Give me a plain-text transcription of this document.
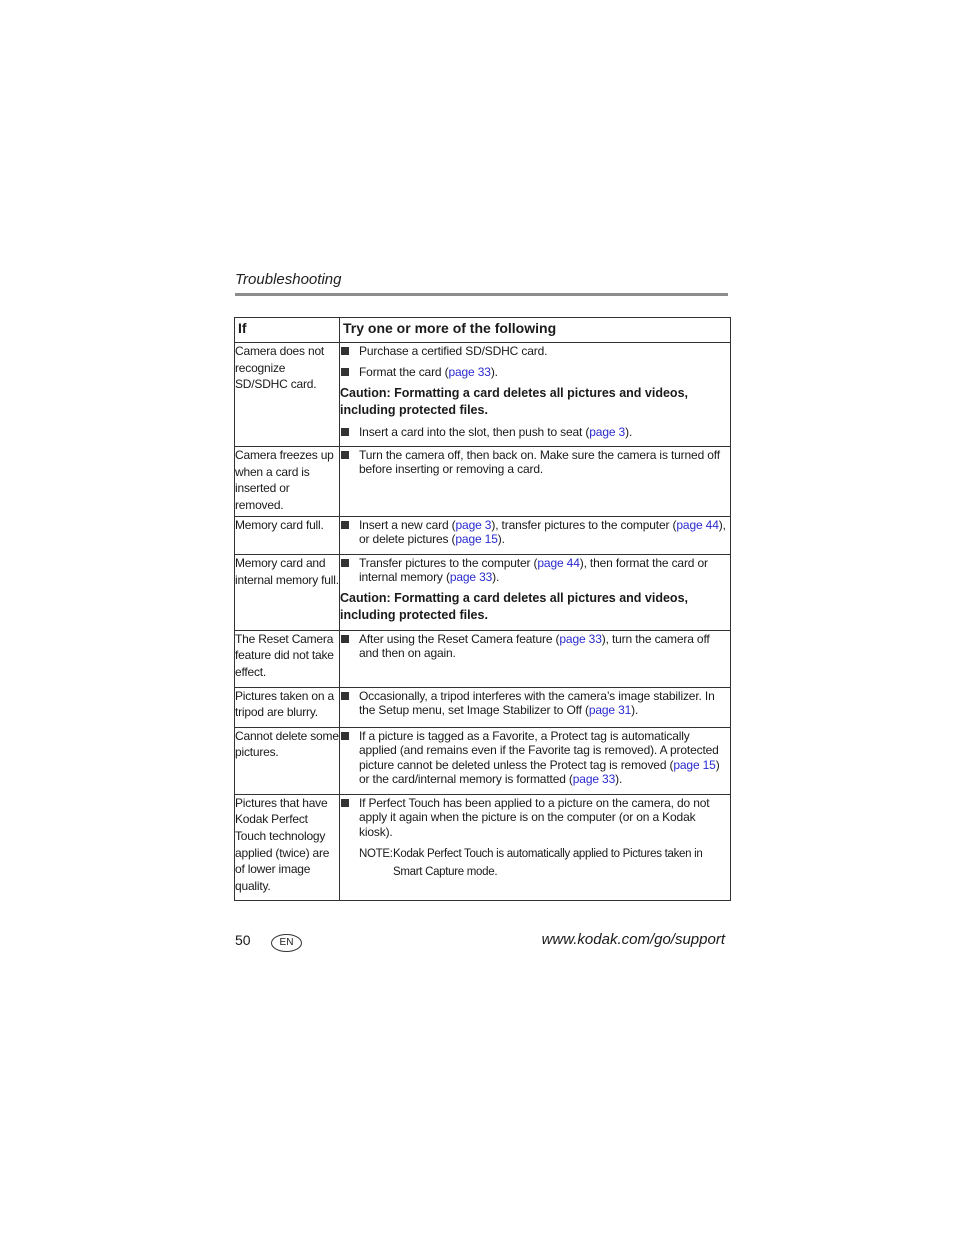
Troubleshooting
If	Try one or more of the following
Camera does not recognize SD/SDHC card.	Purchase a certified SD/SDHC card.
Format the card (page 33).
Caution: Formatting a card deletes all pictures and videos, including protected files.
Insert a card into the slot, then push to seat (page 3).

Camera freezes up when a card is inserted or removed.	Turn the camera off, then back on. Make sure the camera is turned off before inserting or removing a card.

Memory card full.	Insert a new card (page 3), transfer pictures to the computer (page 44), or delete pictures (page 15).

Memory card and internal memory full.	Transfer pictures to the computer (page 44), then format the card or internal memory (page 33).
Caution: Formatting a card deletes all pictures and videos, including protected files.

The Reset Camera feature did not take effect.	After using the Reset Camera feature (page 33), turn the camera off and then on again.

Pictures taken on a tripod are blurry.	Occasionally, a tripod interferes with the camera’s image stabilizer. In the Setup menu, set Image Stabilizer to Off (page 31).

Cannot delete some pictures.	If a picture is tagged as a Favorite, a Protect tag is automatically applied (and remains even if the Favorite tag is removed). A protected picture cannot be deleted unless the Protect tag is removed (page 15) or the card/internal memory is formatted (page 33).

Pictures that have Kodak Perfect Touch technology applied (twice) are of lower image quality.	If Perfect Touch has been applied to a picture on the camera, do not apply it again when the picture is on the computer (or on a Kodak kiosk).
NOTE: Kodak Perfect Touch is automatically applied to Pictures taken in Smart Capture mode.
50	EN	www.kodak.com/go/support
